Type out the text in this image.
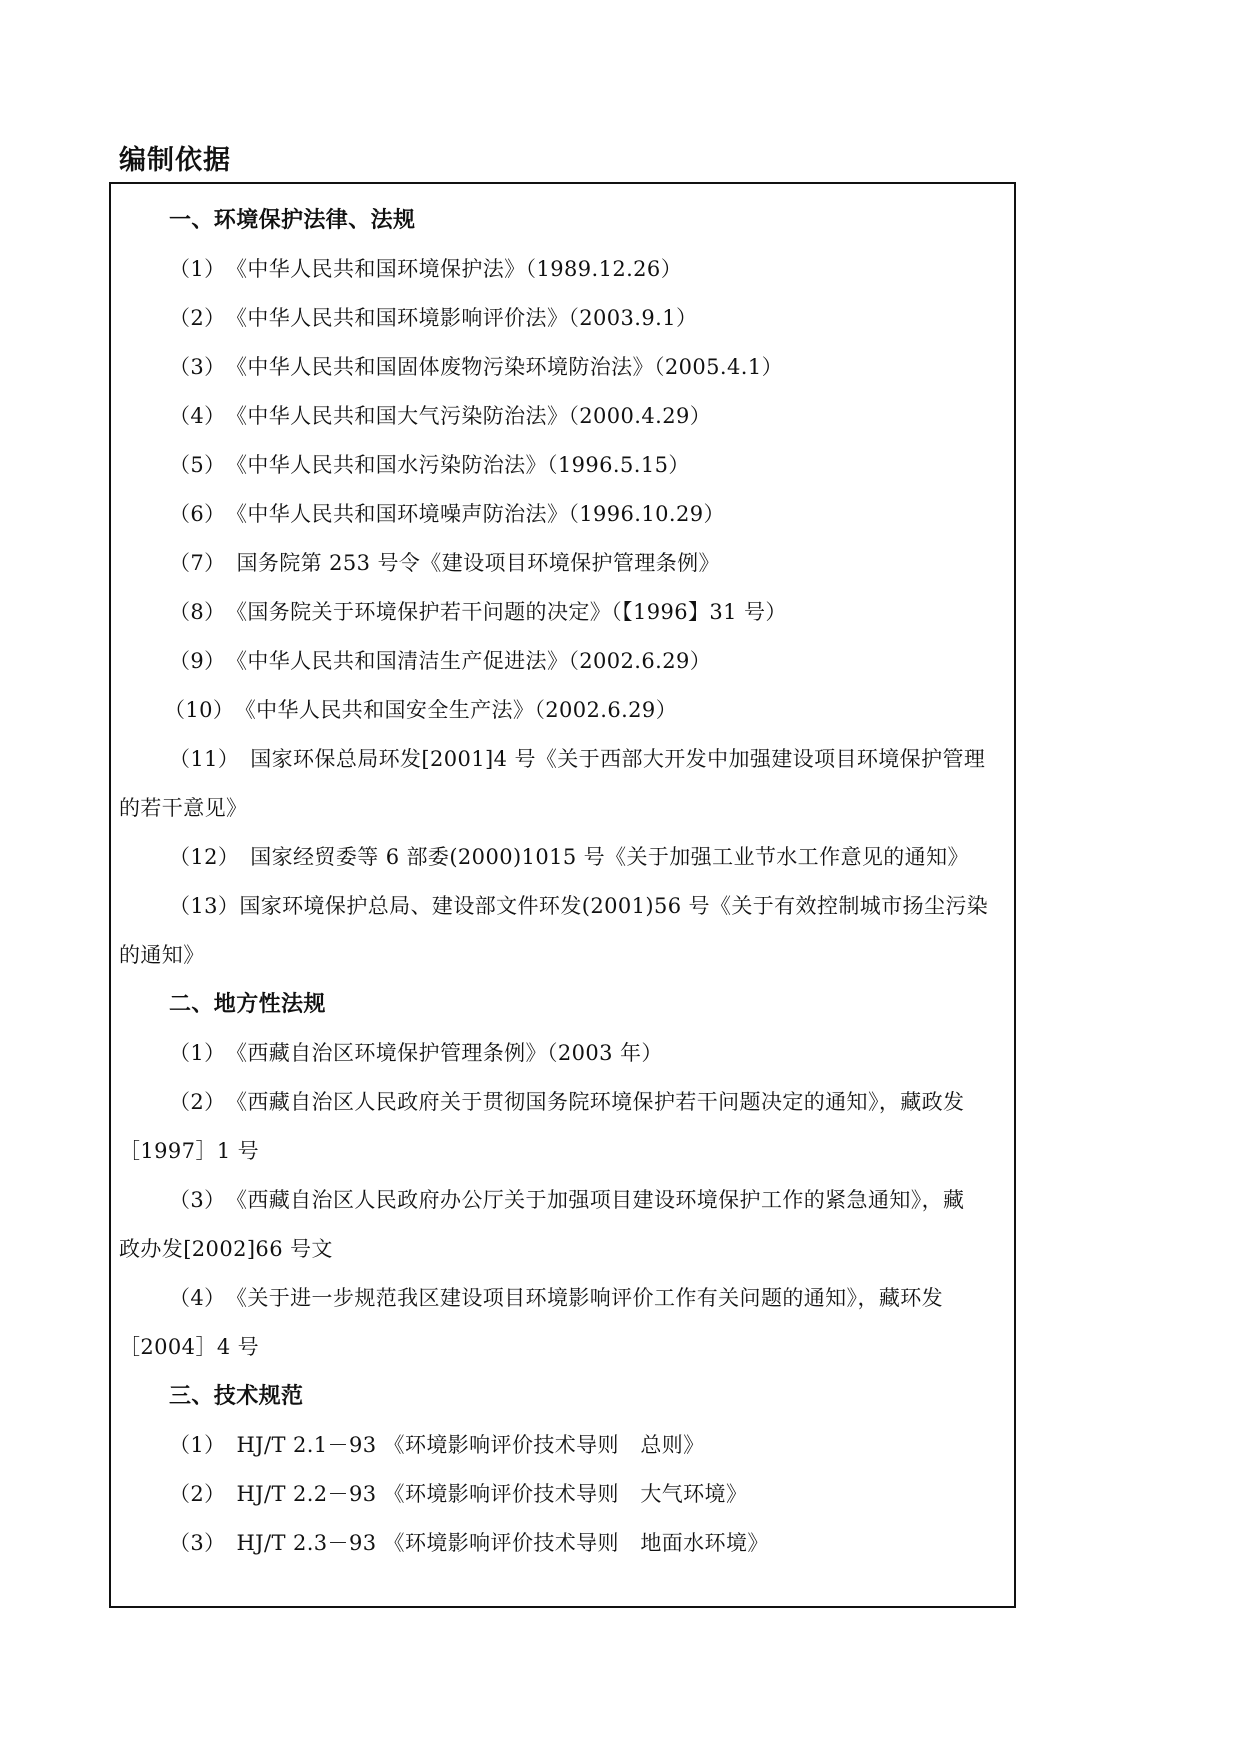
编制依据
一、环境保护法律、法规
（1）　《中华人民共和国环境保护法》（1989.12.26）
（2）　《中华人民共和国环境影响评价法》（2003.9.1）
（3）　《中华人民共和国固体废物污染环境防治法》（2005.4.1）
（4）　《中华人民共和国大气污染防治法》（2000.4.29）
（5）　《中华人民共和国水污染防治法》（1996.5.15）
（6）　《中华人民共和国环境噪声防治法》（1996.10.29）
（7）　国务院第 253 号令《建设项目环境保护管理条例》
（8）　《国务院关于环境保护若干问题的决定》（【1996】31 号）
（9）　《中华人民共和国清洁生产促进法》（2002.6.29）
（10）　《中华人民共和国安全生产法》（2002.6.29）
（11）　国家环保总局环发[2001]4 号《关于西部大开发中加强建设项目环境保护管理
的若干意见》
（12）　国家经贸委等 6 部委(2000)1015 号《关于加强工业节水工作意见的通知》
（13）国家环境保护总局、建设部文件环发(2001)56 号《关于有效控制城市扬尘污染
的通知》
二、地方性法规
（1）　《西藏自治区环境保护管理条例》（2003 年）
（2）　《西藏自治区人民政府关于贯彻国务院环境保护若干问题决定的通知》，藏政发
［1997］1 号
（3）　《西藏自治区人民政府办公厅关于加强项目建设环境保护工作的紧急通知》，藏
政办发[2002]66 号文
（4）　《关于进一步规范我区建设项目环境影响评价工作有关问题的通知》，藏环发
［2004］4 号
三、技术规范
（1）　HJ/T 2.1－93 《环境影响评价技术导则　总则》
（2）　HJ/T 2.2－93 《环境影响评价技术导则　大气环境》
（3）　HJ/T 2.3－93 《环境影响评价技术导则　地面水环境》
